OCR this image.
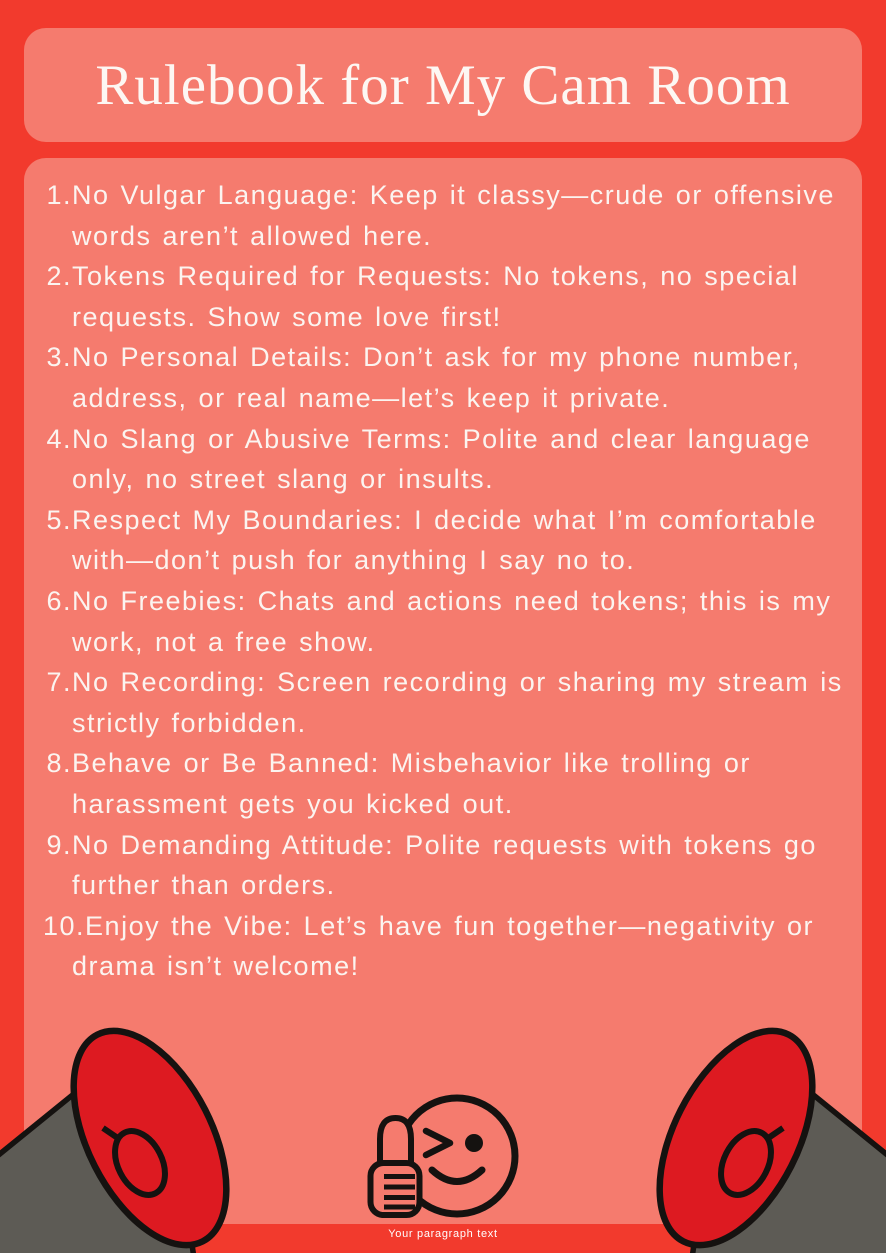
Rulebook for My Cam Room
1.No Vulgar Language: Keep it classy—crude or offensive words aren’t allowed here.
2.Tokens Required for Requests: No tokens, no special requests. Show some love first!
3.No Personal Details: Don’t ask for my phone number, address, or real name—let’s keep it private.
4.No Slang or Abusive Terms: Polite and clear language only, no street slang or insults.
5.Respect My Boundaries: I decide what I’m comfortable with—don’t push for anything I say no to.
6.No Freebies: Chats and actions need tokens; this is my work, not a free show.
7.No Recording: Screen recording or sharing my stream is strictly forbidden.
8.Behave or Be Banned: Misbehavior like trolling or harassment gets you kicked out.
9.No Demanding Attitude: Polite requests with tokens go further than orders.
10.Enjoy the Vibe: Let’s have fun together—negativity or drama isn’t welcome!
Your paragraph text
